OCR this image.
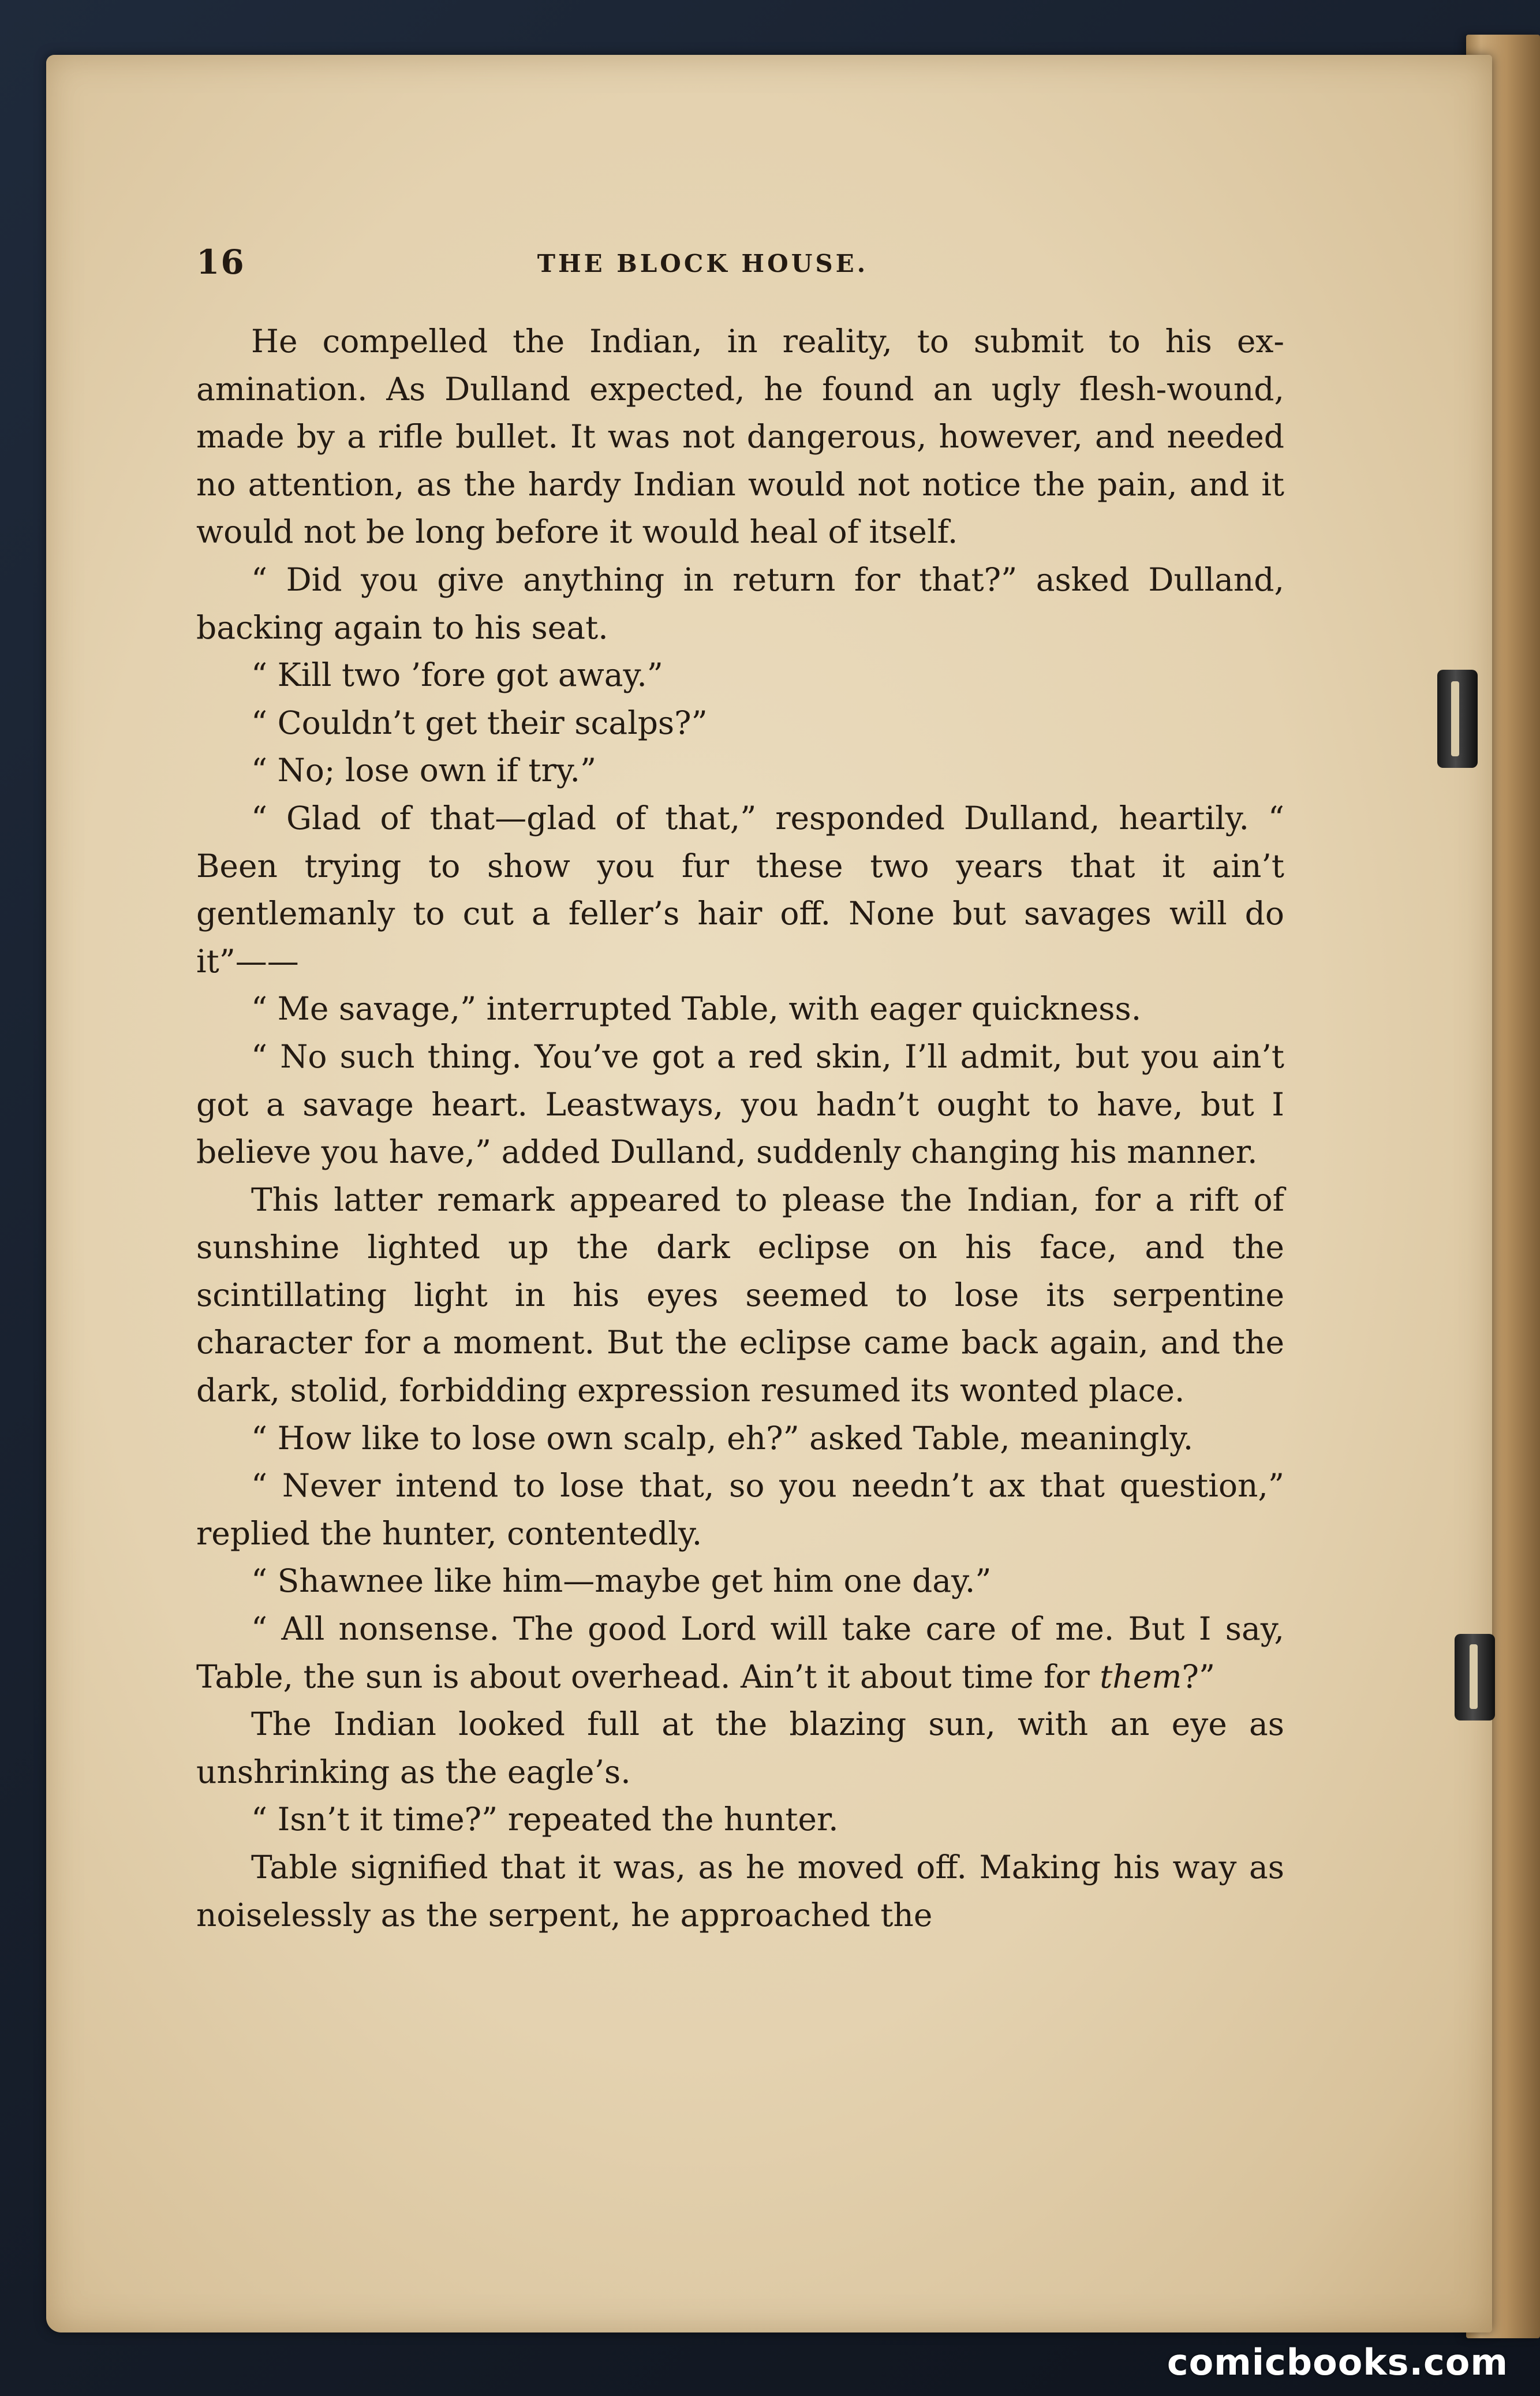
16	THE BLOCK HOUSE.

He compelled the Indian, in reality, to submit to his examination. As Dulland expected, he found an ugly flesh-wound, made by a rifle bullet. It was not dangerous, however, and needed no attention, as the hardy Indian would not notice the pain, and it would not be long before it would heal of itself.

“ Did you give anything in return for that?” asked Dulland, backing again to his seat.

“ Kill two ’fore got away.”

“ Couldn’t get their scalps?”

“ No; lose own if try.”

“ Glad of that—glad of that,” responded Dulland, heartily. “ Been trying to show you fur these two years that it ain’t gentlemanly to cut a feller’s hair off. None but savages will do it”——

“ Me savage,” interrupted Table, with eager quickness.

“ No such thing. You’ve got a red skin, I’ll admit, but you ain’t got a savage heart. Leastways, you hadn’t ought to have, but I believe you have,” added Dulland, suddenly changing his manner.

This latter remark appeared to please the Indian, for a rift of sunshine lighted up the dark eclipse on his face, and the scintillating light in his eyes seemed to lose its serpentine character for a moment. But the eclipse came back again, and the dark, stolid, forbidding expression resumed its wonted place.

“ How like to lose own scalp, eh?” asked Table, meaningly.

“ Never intend to lose that, so you needn’t ax that question,” replied the hunter, contentedly.

“ Shawnee like him—maybe get him one day.”

“ All nonsense. The good Lord will take care of me. But I say, Table, the sun is about overhead. Ain’t it about time for them?”

The Indian looked full at the blazing sun, with an eye as unshrinking as the eagle’s.

“ Isn’t it time?” repeated the hunter.

Table signified that it was, as he moved off. Making his way as noiselessly as the serpent, he approached the

comicbooks.com
